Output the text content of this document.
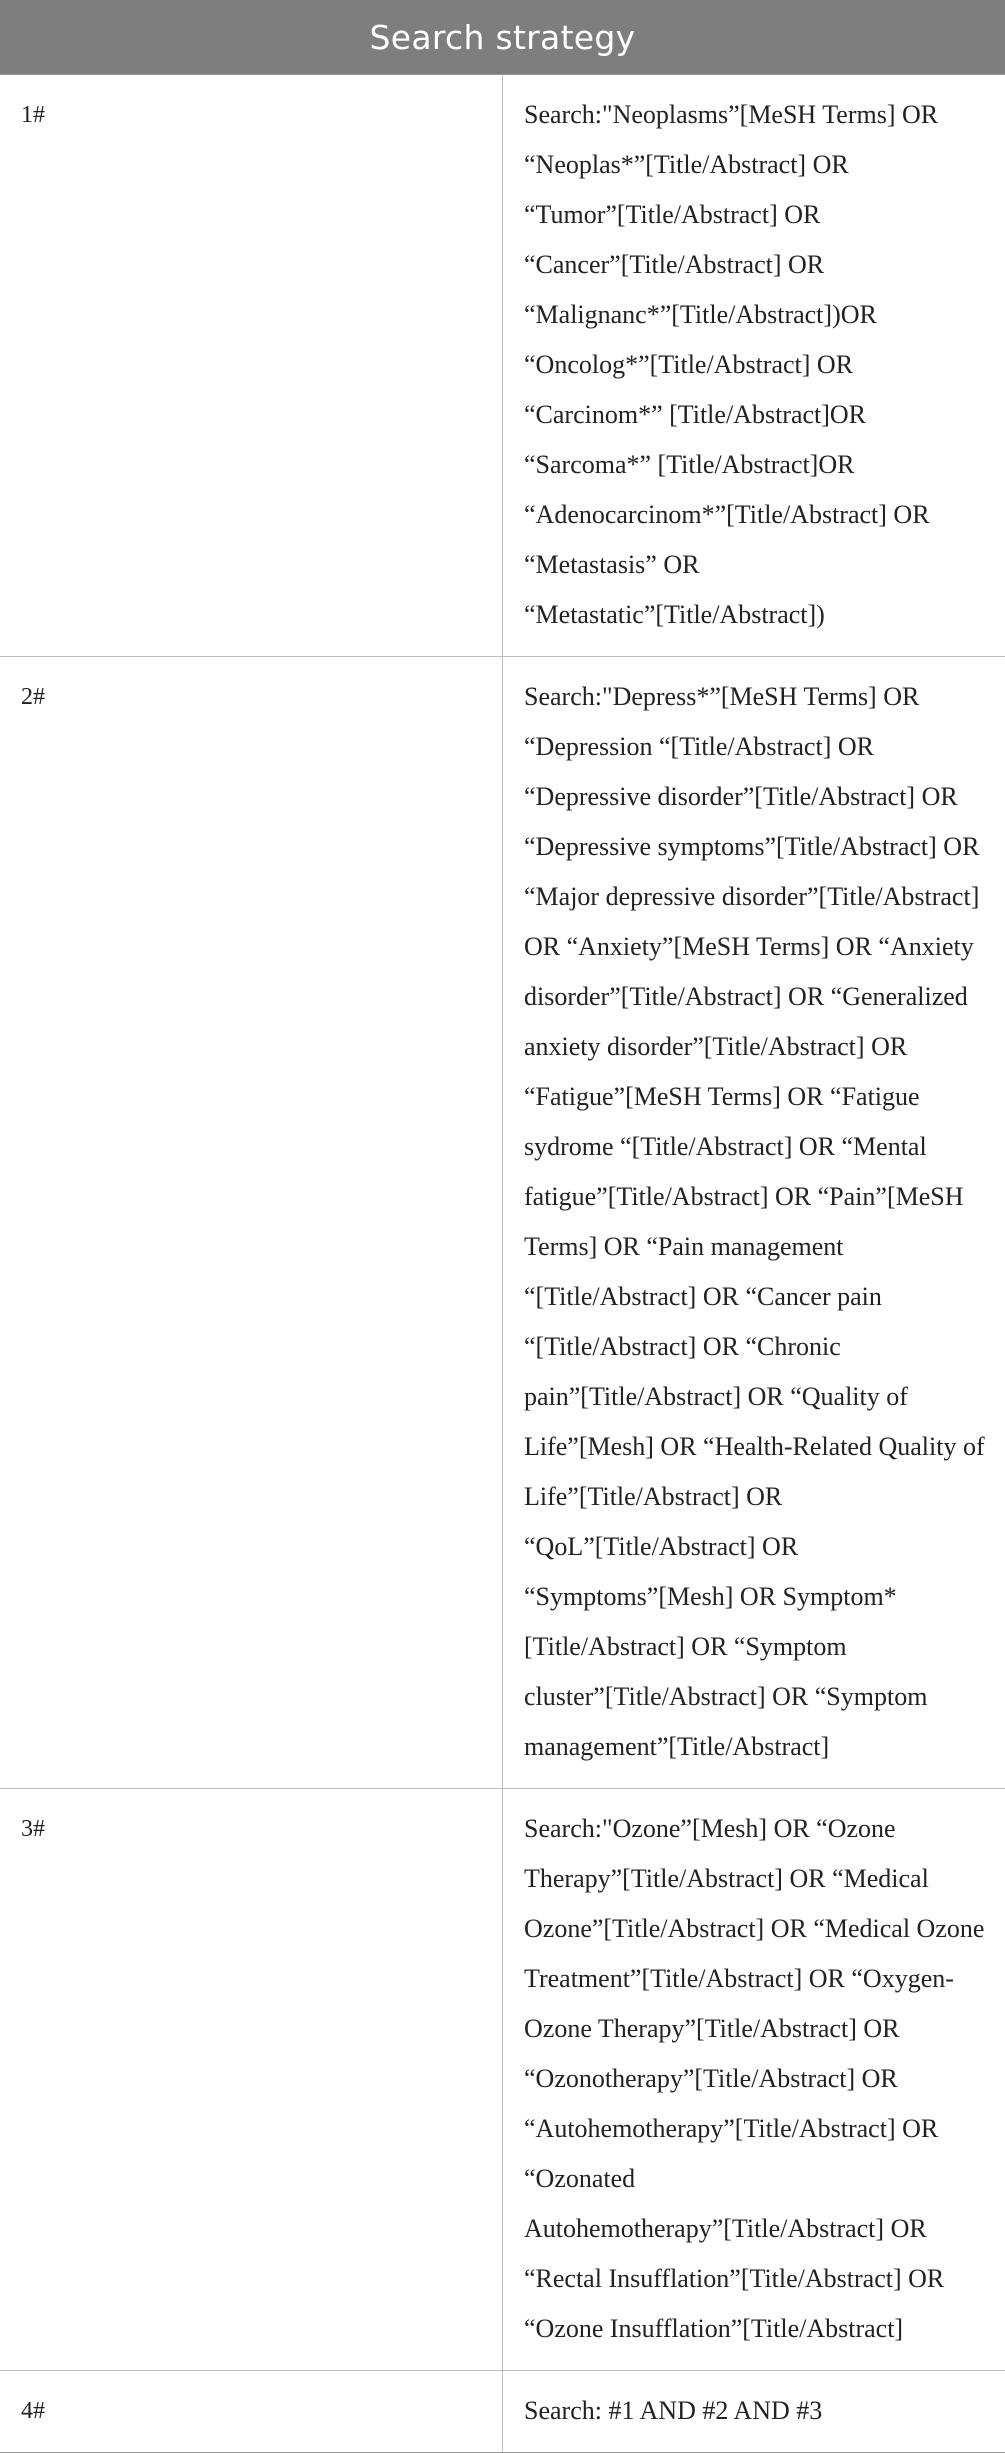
Search strategy	
1#	Search:"Neoplasms”[MeSH Terms] OR “Neoplas*”[Title/Abstract] OR “Tumor”[Title/Abstract] OR “Cancer”[Title/Abstract] OR “Malignanc*”[Title/Abstract])OR “Oncolog*”[Title/Abstract] OR “Carcinom*” [Title/Abstract]OR “Sarcoma*” [Title/Abstract]OR “Adenocarcinom*”[Title/Abstract] OR “Metastasis” OR “Metastatic”[Title/Abstract])
2#	Search:"Depress*”[MeSH Terms] OR “Depression “[Title/Abstract] OR “Depressive disorder”[Title/Abstract] OR “Depressive symptoms”[Title/Abstract] OR “Major depressive disorder”[Title/Abstract] OR “Anxiety”[MeSH Terms] OR “Anxiety disorder”[Title/Abstract] OR “Generalized anxiety disorder”[Title/Abstract] OR “Fatigue”[MeSH Terms] OR “Fatigue sydrome “[Title/Abstract] OR “Mental fatigue”[Title/Abstract] OR “Pain”[MeSH Terms] OR “Pain management “[Title/Abstract] OR “Cancer pain “[Title/Abstract] OR “Chronic pain”[Title/Abstract] OR “Quality of Life”[Mesh] OR “Health-Related Quality of Life”[Title/Abstract] OR “QoL”[Title/Abstract] OR “Symptoms”[Mesh] OR Symptom*[Title/Abstract] OR “Symptom cluster”[Title/Abstract] OR “Symptom management”[Title/Abstract]
3#	Search:"Ozone”[Mesh] OR “Ozone Therapy”[Title/Abstract] OR “Medical Ozone”[Title/Abstract] OR “Medical Ozone Treatment”[Title/Abstract] OR “Oxygen-Ozone Therapy”[Title/Abstract] OR “Ozonotherapy”[Title/Abstract] OR “Autohemotherapy”[Title/Abstract] OR “Ozonated Autohemotherapy”[Title/Abstract] OR “Rectal Insufflation”[Title/Abstract] OR “Ozone Insufflation”[Title/Abstract]
4#	Search: #1 AND #2 AND #3
